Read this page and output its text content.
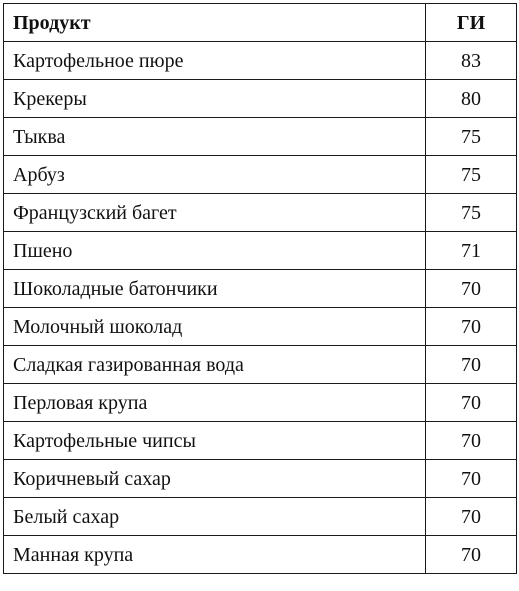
Продукт	ГИ
Картофельное пюре	83
Крекеры	80
Тыква	75
Арбуз	75
Французский багет	75
Пшено	71
Шоколадные батончики	70
Молочный шоколад	70
Сладкая газированная вода	70
Перловая крупа	70
Картофельные чипсы	70
Коричневый сахар	70
Белый сахар	70
Манная крупа	70
